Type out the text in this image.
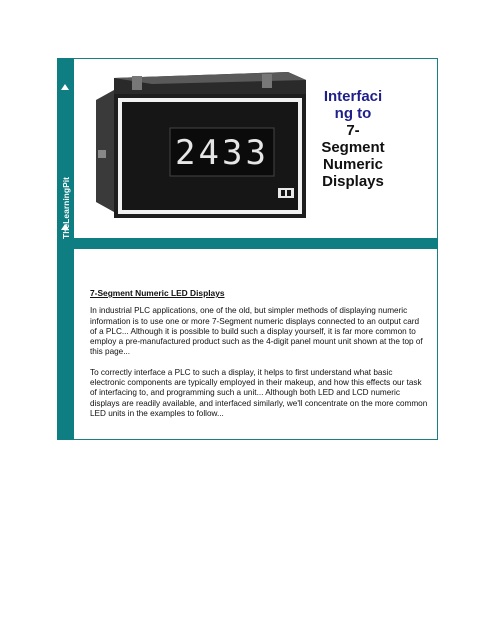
TheLearningPit
2433
Interfaci
ng to
7-
Segment
Numeric
Displays
7-Segment Numeric LED Displays

In industrial PLC applications, one of the old, but simpler methods of displaying numeric information is to use one or more 7-Segment numeric displays connected to an output card of a PLC... Although it is possible to build such a display yourself, it is far more common to employ a pre-manufactured product such as the 4-digit panel mount unit shown at the top of this page...

To correctly interface a PLC to such a display, it helps to first understand what basic electronic components are typically employed in their makeup, and how this effects our task of interfacing to, and programming such a unit... Although both LED and LCD numeric displays are readily available, and interfaced similarly, we'll concentrate on the more common LED units in the examples to follow...
